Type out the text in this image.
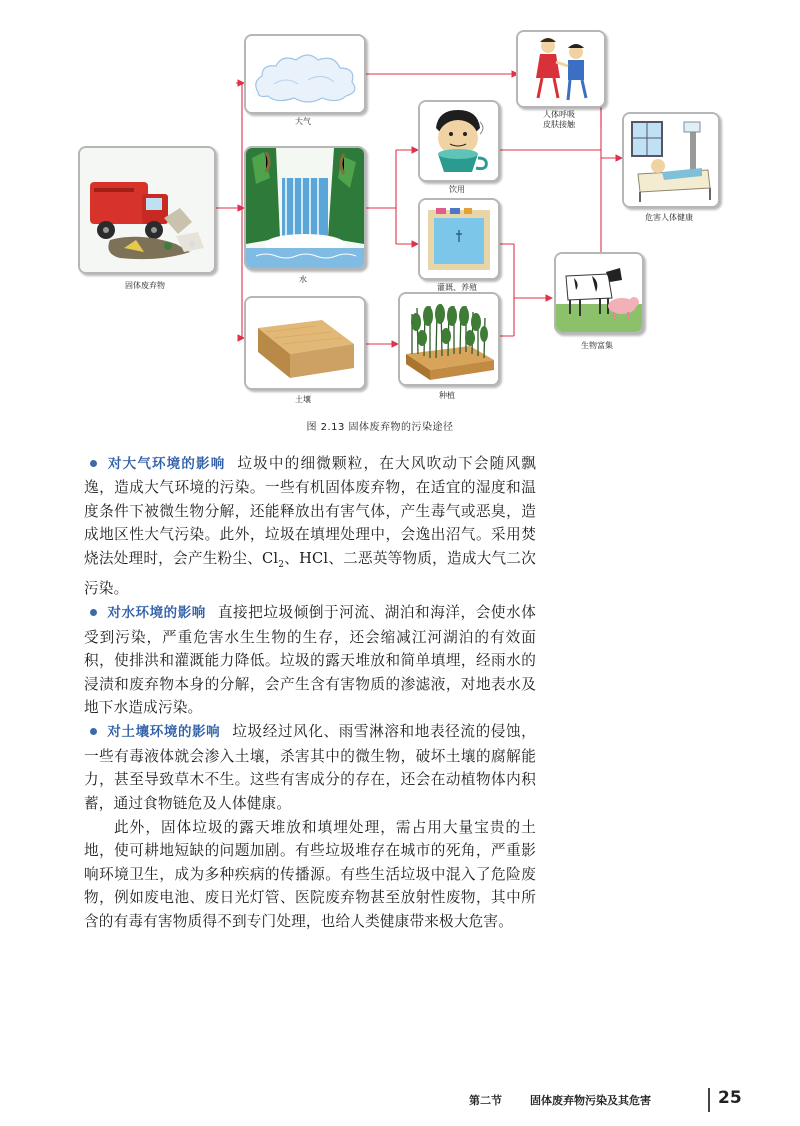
固体废弃物
大气
水
土壤
饮用
灌溉、养殖
种植
人体呼吸
皮肤接触
危害人体健康
生物富集
图 2.13 固体废弃物的污染途径

对大气环境的影响 垃圾中的细微颗粒，在大风吹动下会随风飘逸，造成大气环境的污染。一些有机固体废弃物，在适宜的湿度和温度条件下被微生物分解，还能释放出有害气体，产生毒气或恶臭，造成地区性大气污染。此外，垃圾在填埋处理中，会逸出沼气。采用焚烧法处理时，会产生粉尘、$Cl_2$、HCl、二恶英等物质，造成大气二次污染。

对水环境的影响 直接把垃圾倾倒于河流、湖泊和海洋，会使水体受到污染，严重危害水生生物的生存，还会缩减江河湖泊的有效面积，使排洪和灌溉能力降低。垃圾的露天堆放和简单填埋，经雨水的浸渍和废弃物本身的分解，会产生含有害物质的渗滤液，对地表水及地下水造成污染。

对土壤环境的影响 垃圾经过风化、雨雪淋溶和地表径流的侵蚀，一些有毒液体就会渗入土壤，杀害其中的微生物，破坏土壤的腐解能力，甚至导致草木不生。这些有害成分的存在，还会在动植物体内积蓄，通过食物链危及人体健康。

此外，固体垃圾的露天堆放和填埋处理，需占用大量宝贵的土地，使可耕地短缺的问题加剧。有些垃圾堆存在城市的死角，严重影响环境卫生，成为多种疾病的传播源。有些生活垃圾中混入了危险废物，例如废电池、废日光灯管、医院废弃物甚至放射性废物，其中所含的有毒有害物质得不到专门处理，也给人类健康带来极大危害。

第二节	固体废弃物污染及其危害	25
